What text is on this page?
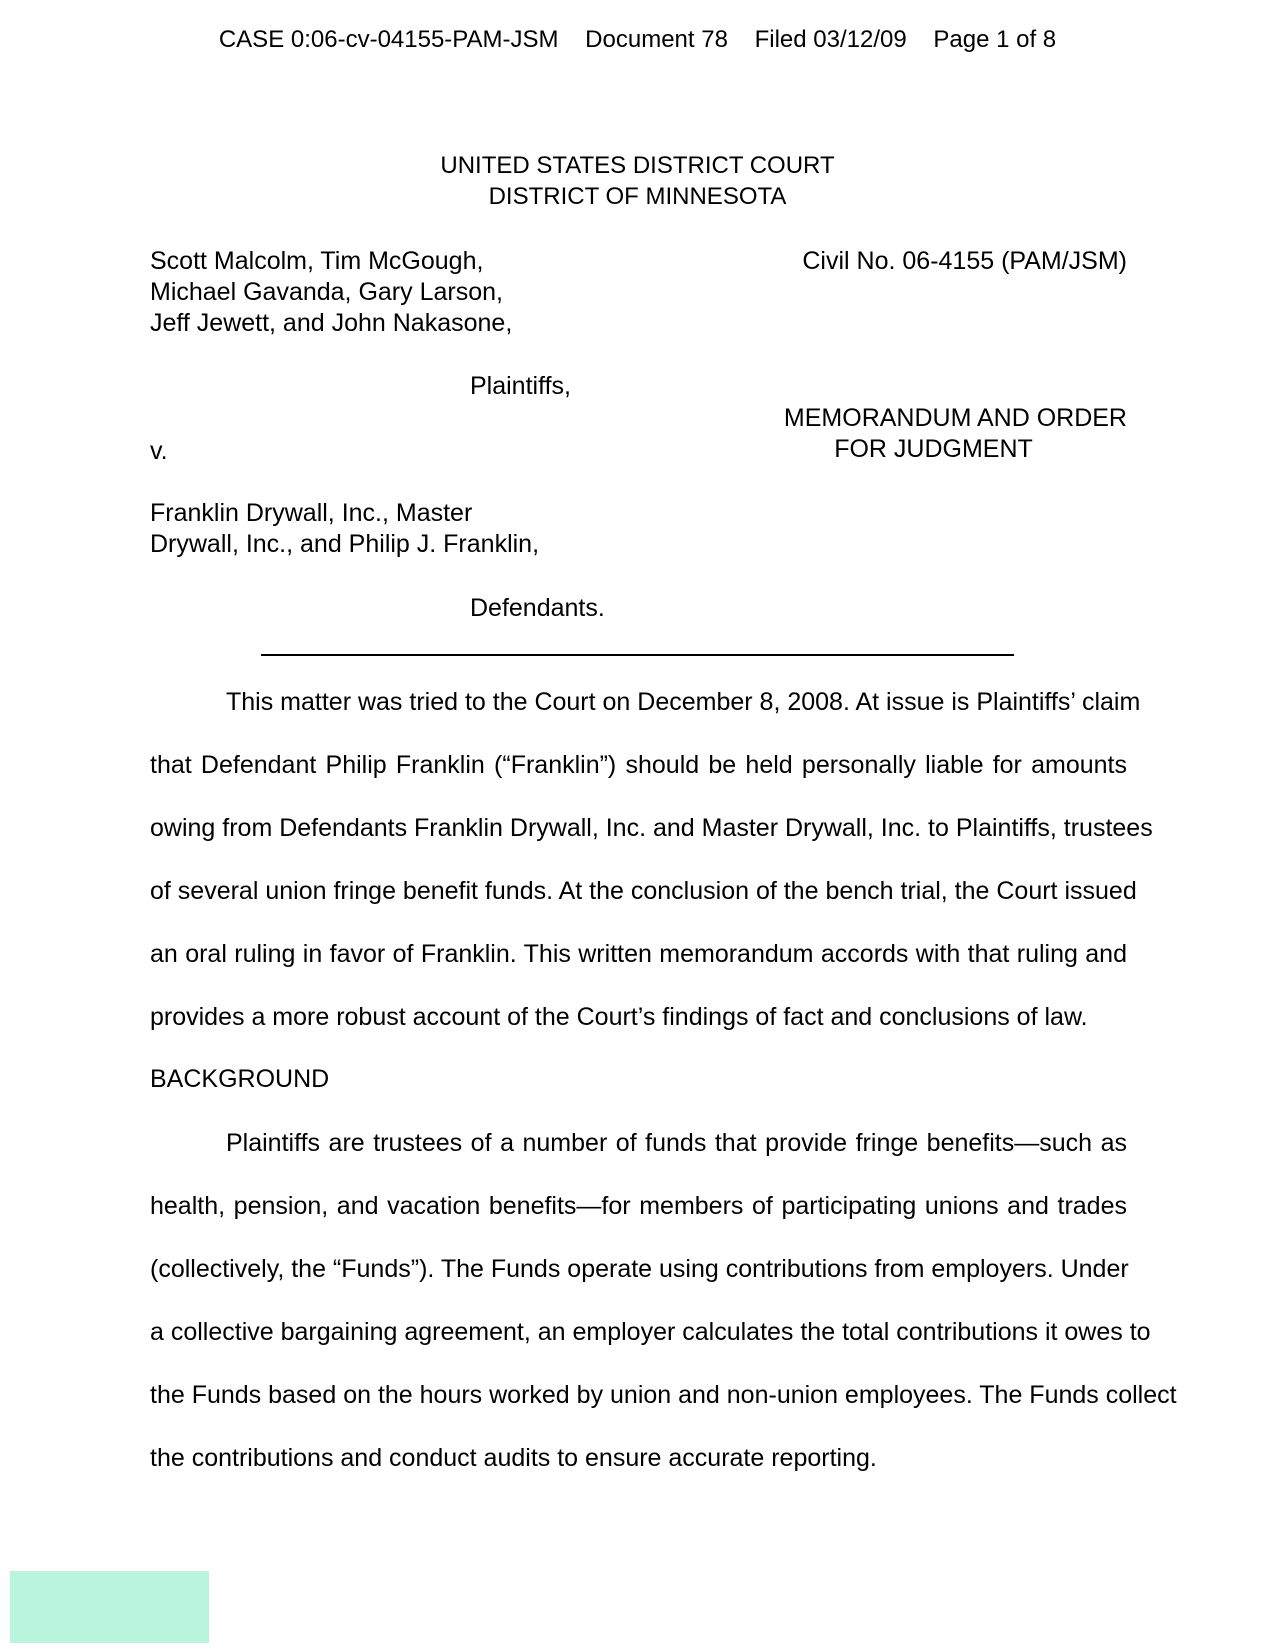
CASE 0:06-cv-04155-PAM-JSM    Document 78    Filed 03/12/09    Page 1 of 8
UNITED STATES DISTRICT COURT
DISTRICT OF MINNESOTA
Scott Malcolm, Tim McGough,
Michael Gavanda, Gary Larson,
Jeff Jewett, and John Nakasone,
Civil No. 06-4155 (PAM/JSM)
Plaintiffs,
MEMORANDUM AND ORDER
FOR JUDGMENT
v.
Franklin Drywall, Inc., Master
Drywall, Inc., and Philip J. Franklin,
Defendants.
This matter was tried to the Court on December 8, 2008. At issue is Plaintiffs’ claim
that Defendant Philip Franklin (“Franklin”) should be held personally liable for amounts
owing from Defendants Franklin Drywall, Inc. and Master Drywall, Inc. to Plaintiffs, trustees
of several union fringe benefit funds. At the conclusion of the bench trial, the Court issued
an oral ruling in favor of Franklin. This written memorandum accords with that ruling and
provides a more robust account of the Court’s findings of fact and conclusions of law.
BACKGROUND
Plaintiffs are trustees of a number of funds that provide fringe benefits—such as
health, pension, and vacation benefits—for members of participating unions and trades
(collectively, the “Funds”). The Funds operate using contributions from employers. Under
a collective bargaining agreement, an employer calculates the total contributions it owes to
the Funds based on the hours worked by union and non-union employees. The Funds collect
the contributions and conduct audits to ensure accurate reporting.
